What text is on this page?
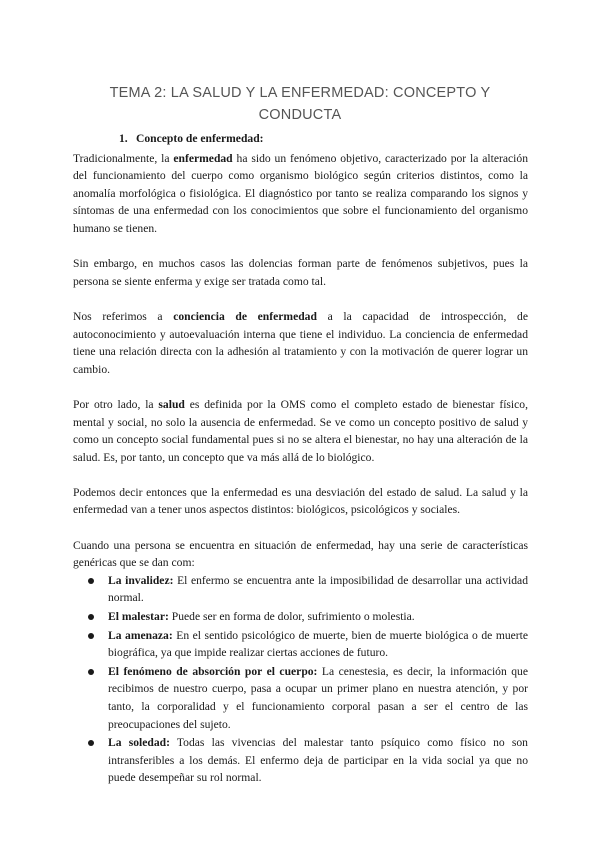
TEMA 2: LA SALUD Y LA ENFERMEDAD: CONCEPTO Y CONDUCTA
1. Concepto de enfermedad:

Tradicionalmente, la enfermedad ha sido un fenómeno objetivo, caracterizado por la alteración del funcionamiento del cuerpo como organismo biológico según criterios distintos, como la anomalía morfológica o fisiológica. El diagnóstico por tanto se realiza comparando los signos y síntomas de una enfermedad con los conocimientos que sobre el funcionamiento del organismo humano se tienen.

Sin embargo, en muchos casos las dolencias forman parte de fenómenos subjetivos, pues la persona se siente enferma y exige ser tratada como tal.

Nos referimos a conciencia de enfermedad a la capacidad de introspección, de autoconocimiento y autoevaluación interna que tiene el individuo. La conciencia de enfermedad tiene una relación directa con la adhesión al tratamiento y con la motivación de querer lograr un cambio.

Por otro lado, la salud es definida por la OMS como el completo estado de bienestar físico, mental y social, no solo la ausencia de enfermedad. Se ve como un concepto positivo de salud y como un concepto social fundamental pues si no se altera el bienestar, no hay una alteración de la salud. Es, por tanto, un concepto que va más allá de lo biológico.

Podemos decir entonces que la enfermedad es una desviación del estado de salud. La salud y la enfermedad van a tener unos aspectos distintos: biológicos, psicológicos y sociales.

Cuando una persona se encuentra en situación de enfermedad, hay una serie de características genéricas que se dan com:

La invalidez: El enfermo se encuentra ante la imposibilidad de desarrollar una actividad normal.
El malestar: Puede ser en forma de dolor, sufrimiento o molestia.
La amenaza: En el sentido psicológico de muerte, bien de muerte biológica o de muerte biográfica, ya que impide realizar ciertas acciones de futuro.
El fenómeno de absorción por el cuerpo: La cenestesia, es decir, la información que recibimos de nuestro cuerpo, pasa a ocupar un primer plano en nuestra atención, y por tanto, la corporalidad y el funcionamiento corporal pasan a ser el centro de las preocupaciones del sujeto.
La soledad: Todas las vivencias del malestar tanto psíquico como físico no son intransferibles a los demás. El enfermo deja de participar en la vida social ya que no puede desempeñar su rol normal.
